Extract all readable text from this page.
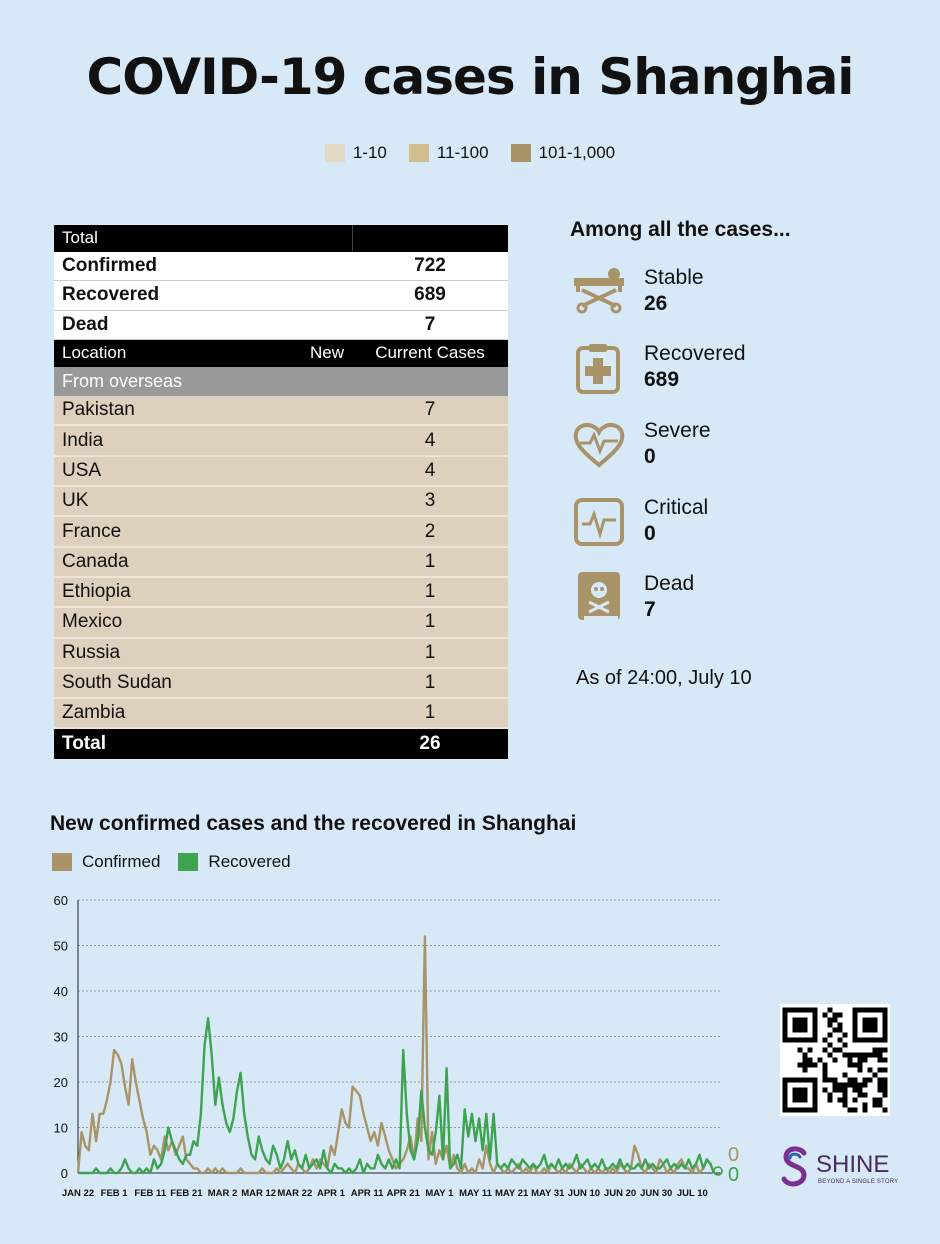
COVID-19 cases in Shanghai
1-10	11-100	101-1,000
Total		
Confirmed		722
Recovered		689
Dead		7
Location	New	Current Cases
From overseas		
Pakistan		7
India		4
USA		4
UK		3
France		2
Canada		1
Ethiopia		1
Mexico		1
Russia		1
South Sudan		1
Zambia		1
Total		26
Among all the cases...
Stable
26
Recovered
689
Severe
0
Critical
0
Dead
7
As of 24:00, July 10
New confirmed cases and the recovered in Shanghai
Confirmed	Recovered
0
10
20
30
40
50
60
JAN 22 FEB 1 FEB 11 FEB 21 MAR 2 MAR 12 MAR 22 APR 1 APR 11 APR 21 MAY 1 MAY 11 MAY 21 MAY 31 JUN 10 JUN 20 JUN 30 JUL 10
0
0	SHINE
BEYOND A SINGLE STORY
